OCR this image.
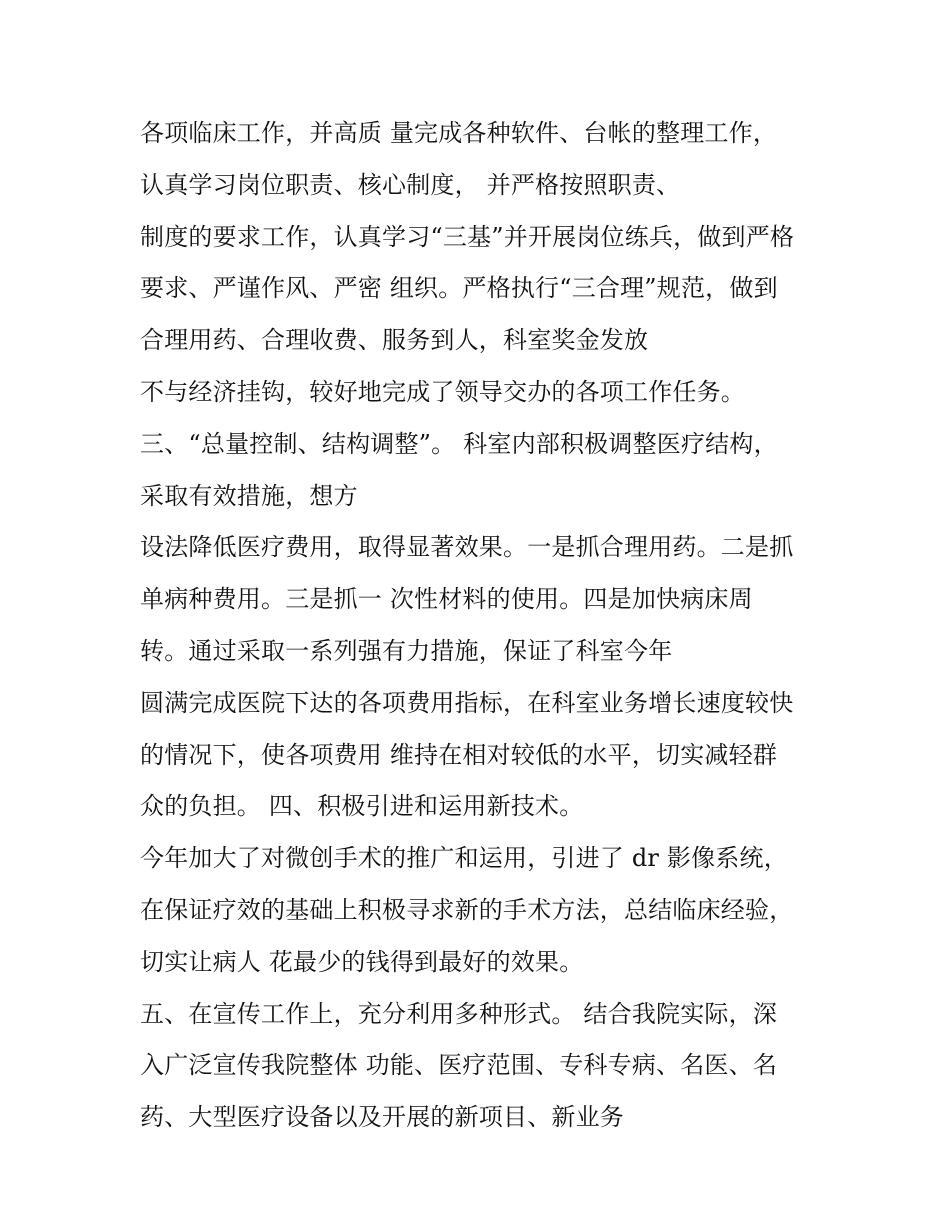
各项临床工作，并高质 量完成各种软件、台帐的整理工作，
认真学习岗位职责、核心制度， 并严格按照职责、
制度的要求工作，认真学习“三基”并开展岗位练兵，做到严格
要求、严谨作风、严密 组织。严格执行“三合理”规范，做到
合理用药、合理收费、服务到人，科室奖金发放
不与经济挂钩，较好地完成了领导交办的各项工作任务。
三、“总量控制、结构调整”。 科室内部积极调整医疗结构，
采取有效措施，想方
设法降低医疗费用，取得显著效果。一是抓合理用药。二是抓
单病种费用。三是抓一 次性材料的使用。四是加快病床周
转。通过采取一系列强有力措施，保证了科室今年
圆满完成医院下达的各项费用指标，在科室业务增长速度较快
的情况下，使各项费用 维持在相对较低的水平，切实减轻群
众的负担。 四、积极引进和运用新技术。
今年加大了对微创手术的推广和运用，引进了 dr 影像系统，
在保证疗效的基础上积极寻求新的手术方法，总结临床经验，
切实让病人 花最少的钱得到最好的效果。
五、在宣传工作上，充分利用多种形式。 结合我院实际，深
入广泛宣传我院整体 功能、医疗范围、专科专病、名医、名
药、大型医疗设备以及开展的新项目、新业务
